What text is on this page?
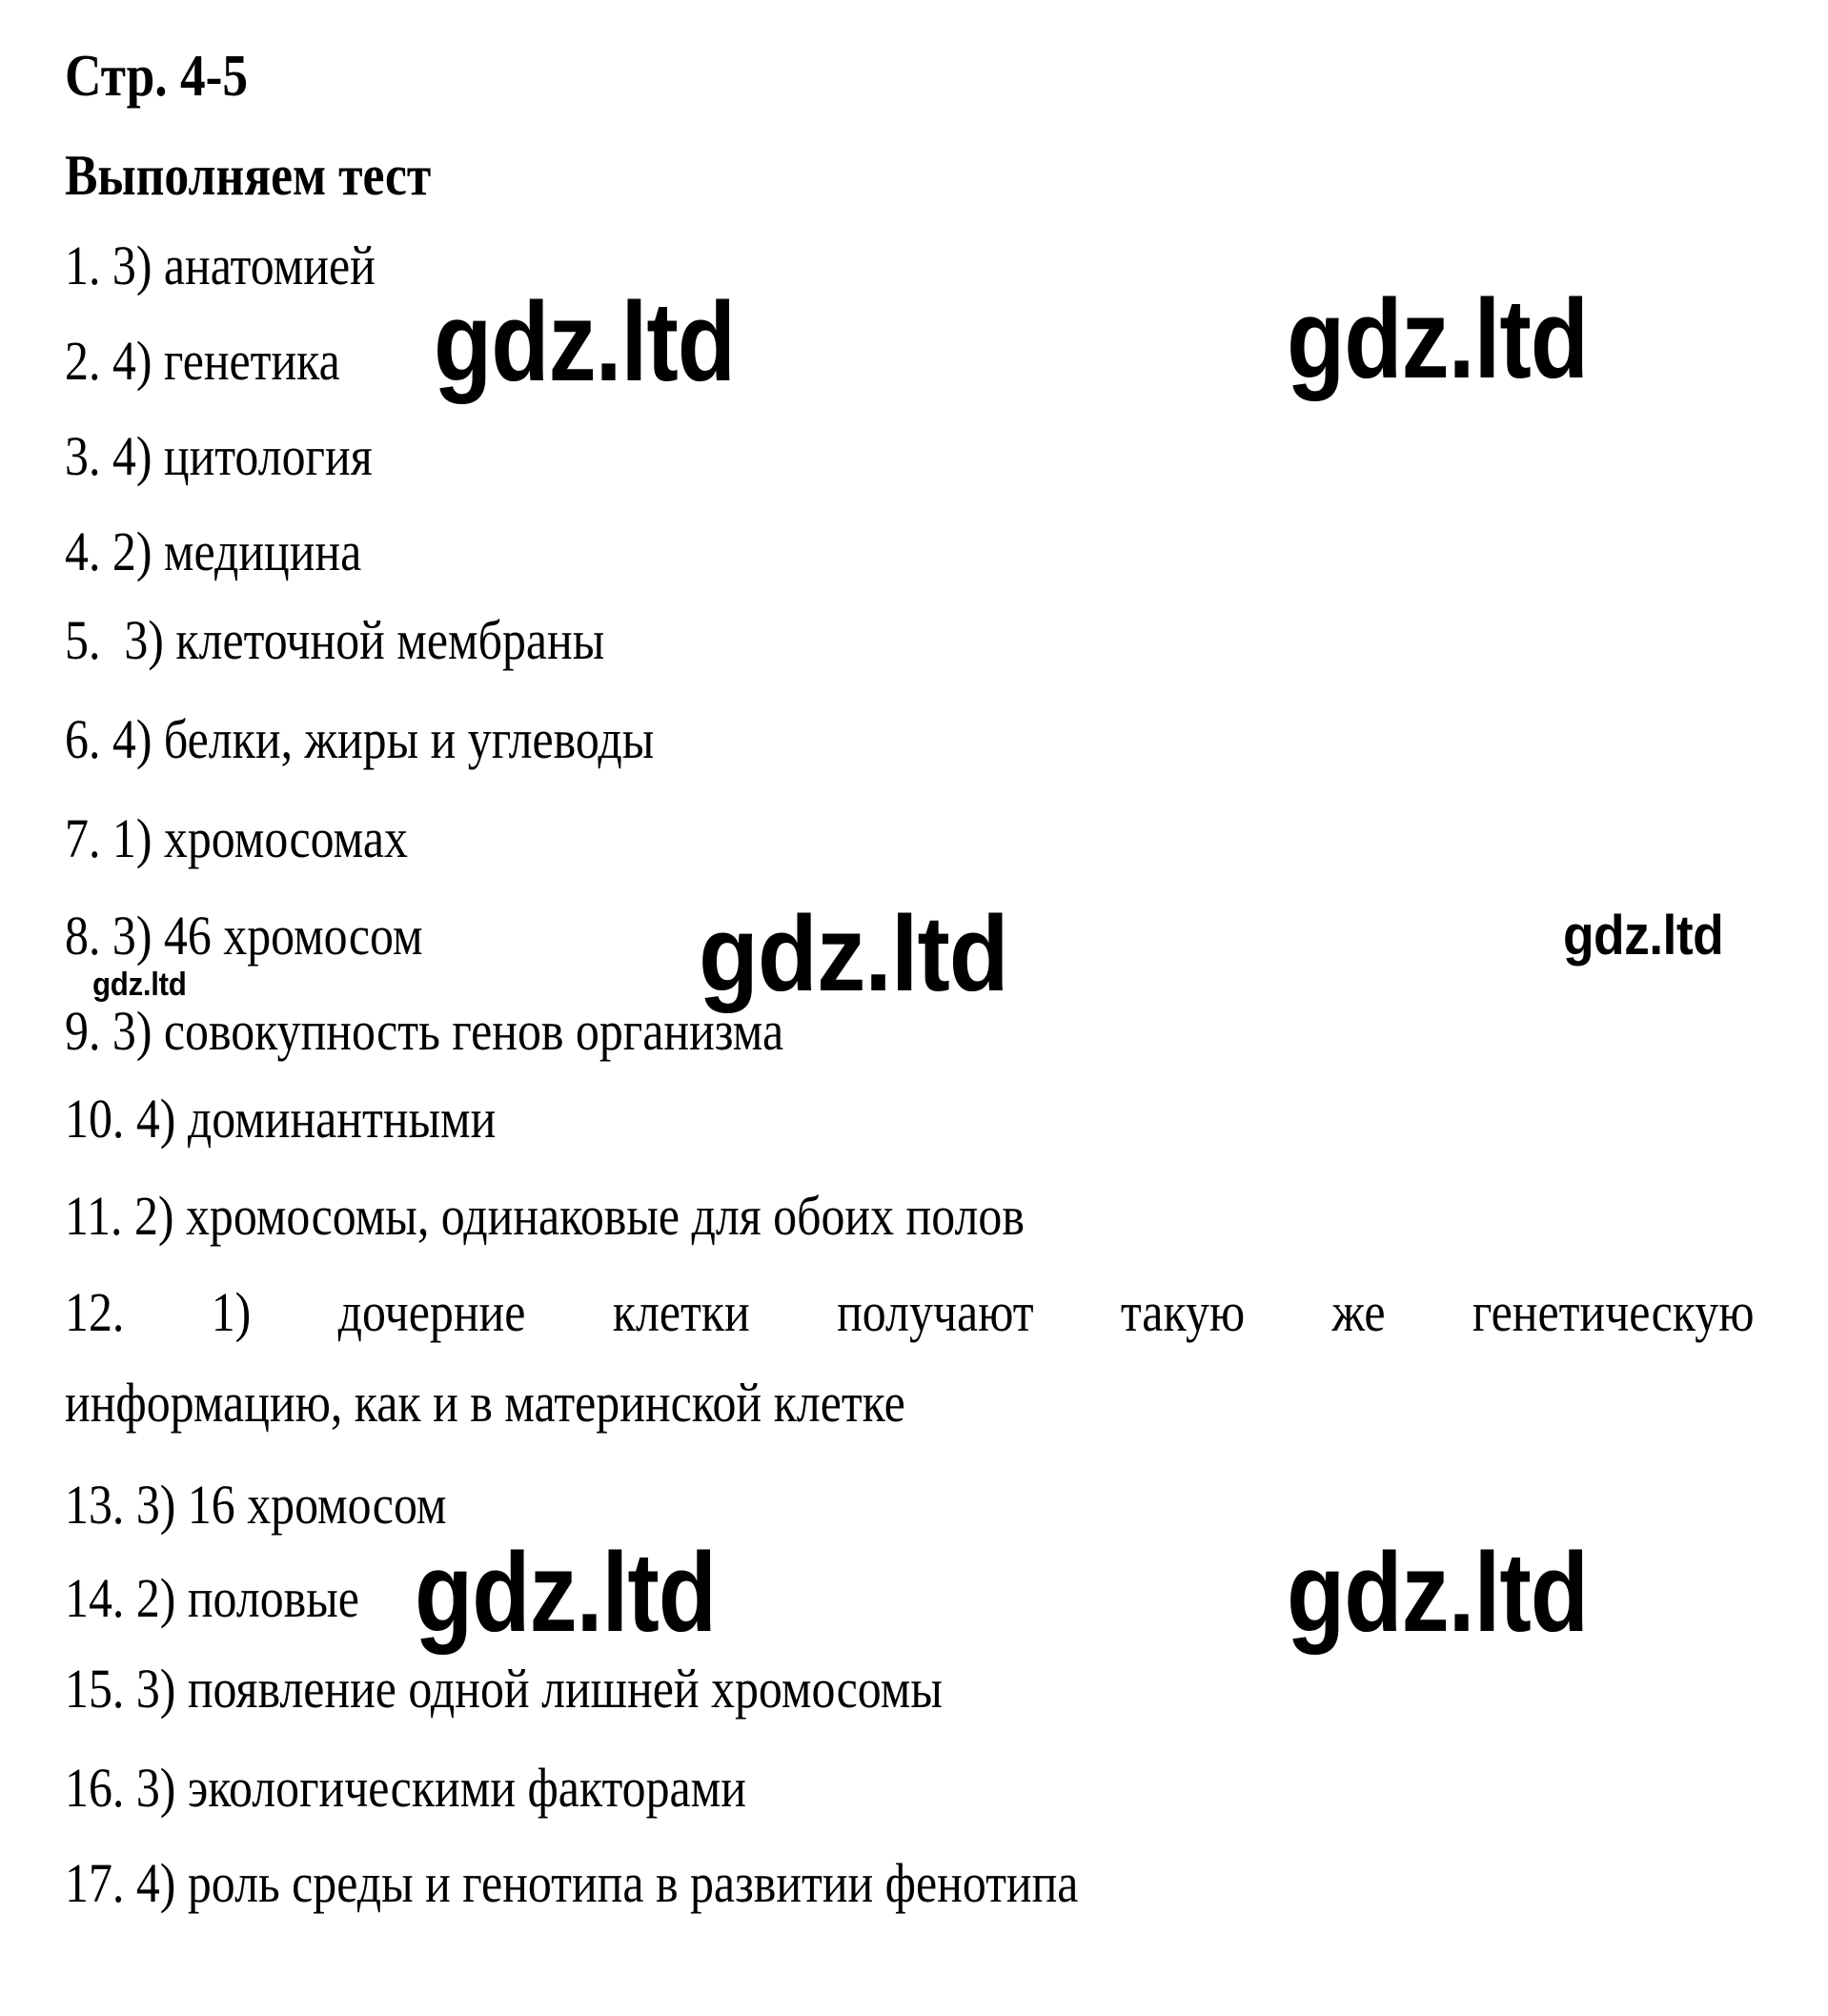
Стр. 4-5
Выполняем тест
1. 3) анатомией
2. 4) генетика
3. 4) цитология
4. 2) медицина
5.  3) клеточной мембраны
6. 4) белки, жиры и углеводы
7. 1) хромосомах
8. 3) 46 хромосом
9. 3) совокупность генов организма
10. 4) доминантными
11. 2) хромосомы, одинаковые для обоих полов
12. 1) дочерние клетки получают такую же генетическую
информацию, как и в материнской клетке
13. 3) 16 хромосом
14. 2) половые
15. 3) появление одной лишней хромосомы
16. 3) экологическими факторами
17. 4) роль среды и генотипа в развитии фенотипа
gdz.ltd	gdz.ltd
gdz.ltd	gdz.ltd
gdz.ltd
gdz.ltd	gdz.ltd
